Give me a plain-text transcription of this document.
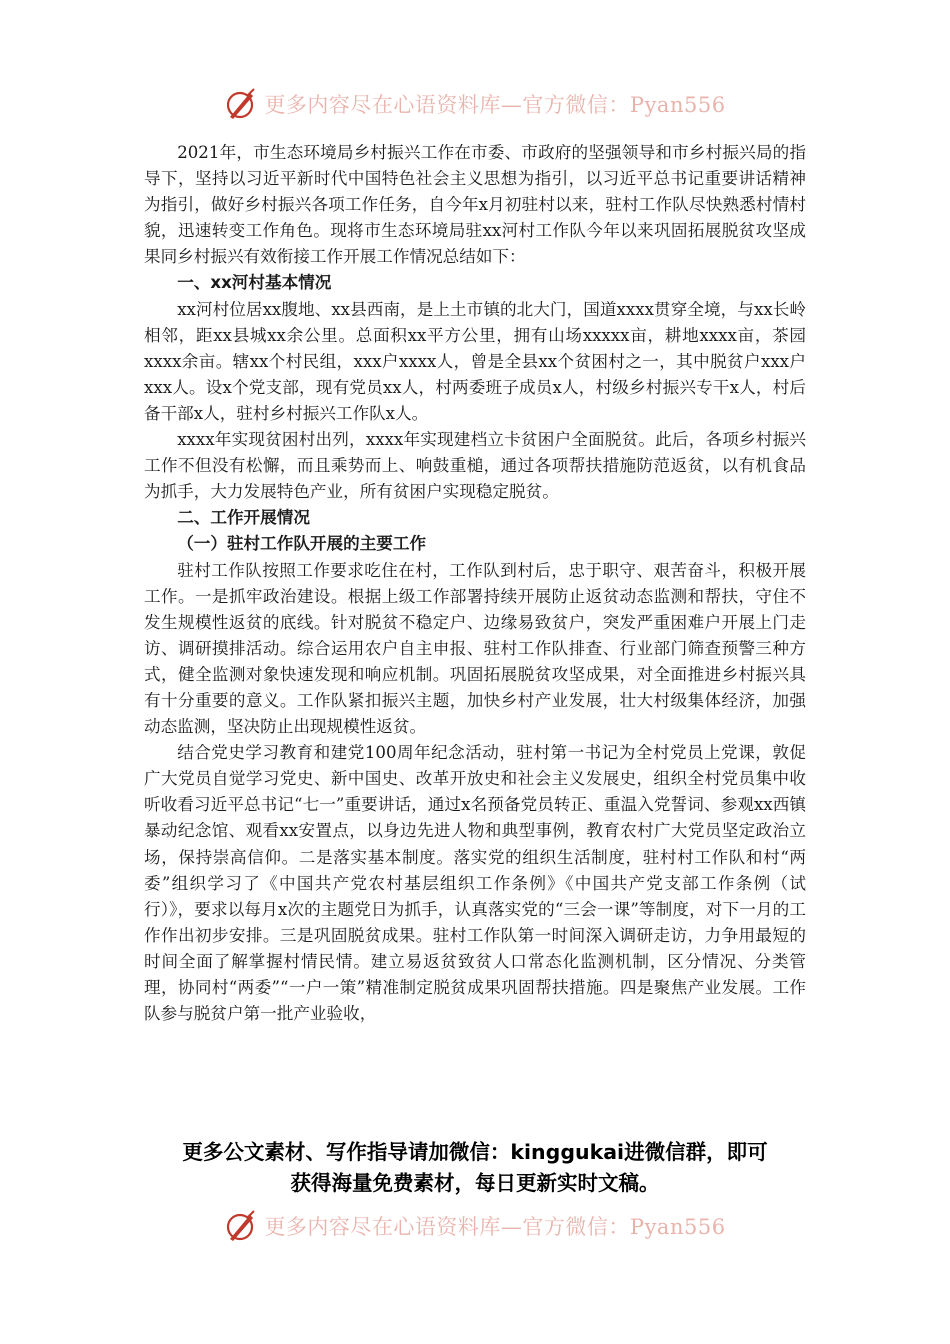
更多内容尽在心语资料库—官方微信：Pyan556

2021年，市生态环境局乡村振兴工作在市委、市政府的坚强领导和市乡村振兴局的指导下，坚持以习近平新时代中国特色社会主义思想为指引，以习近平总书记重要讲话精神为指引，做好乡村振兴各项工作任务，自今年x月初驻村以来，驻村工作队尽快熟悉村情村貌，迅速转变工作角色。现将市生态环境局驻xx河村工作队今年以来巩固拓展脱贫攻坚成果同乡村振兴有效衔接工作开展工作情况总结如下：

一、xx河村基本情况

xx河村位居xx腹地、xx县西南，是上土市镇的北大门，国道xxxx贯穿全境，与xx长岭相邻，距xx县城xx余公里。总面积xx平方公里，拥有山场xxxxx亩，耕地xxxx亩，茶园xxxx余亩。辖xx个村民组，xxx户xxxx人，曾是全县xx个贫困村之一，其中脱贫户xxx户xxx人。设x个党支部，现有党员xx人，村两委班子成员x人，村级乡村振兴专干x人，村后备干部x人，驻村乡村振兴工作队x人。

xxxx年实现贫困村出列，xxxx年实现建档立卡贫困户全面脱贫。此后，各项乡村振兴工作不但没有松懈，而且乘势而上、响鼓重槌，通过各项帮扶措施防范返贫，以有机食品为抓手，大力发展特色产业，所有贫困户实现稳定脱贫。

二、工作开展情况

（一）驻村工作队开展的主要工作

驻村工作队按照工作要求吃住在村，工作队到村后，忠于职守、艰苦奋斗，积极开展工作。一是抓牢政治建设。根据上级工作部署持续开展防止返贫动态监测和帮扶，守住不发生规模性返贫的底线。针对脱贫不稳定户、边缘易致贫户，突发严重困难户开展上门走访、调研摸排活动。综合运用农户自主申报、驻村工作队排查、行业部门筛查预警三种方式，健全监测对象快速发现和响应机制。巩固拓展脱贫攻坚成果，对全面推进乡村振兴具有十分重要的意义。工作队紧扣振兴主题，加快乡村产业发展，壮大村级集体经济，加强动态监测，坚决防止出现规模性返贫。

结合党史学习教育和建党100周年纪念活动，驻村第一书记为全村党员上党课，敦促广大党员自觉学习党史、新中国史、改革开放史和社会主义发展史，组织全村党员集中收听收看习近平总书记“七一”重要讲话，通过x名预备党员转正、重温入党誓词、参观xx西镇暴动纪念馆、观看xx安置点，以身边先进人物和典型事例，教育农村广大党员坚定政治立场，保持崇高信仰。二是落实基本制度。落实党的组织生活制度，驻村村工作队和村“两委”组织学习了《中国共产党农村基层组织工作条例》《中国共产党支部工作条例（试行）》，要求以每月x次的主题党日为抓手，认真落实党的“三会一课”等制度，对下一月的工作作出初步安排。三是巩固脱贫成果。驻村工作队第一时间深入调研走访，力争用最短的时间全面了解掌握村情民情。建立易返贫致贫人口常态化监测机制，区分情况、分类管理，协同村“两委”“一户一策”精准制定脱贫成果巩固帮扶措施。四是聚焦产业发展。工作队参与脱贫户第一批产业验收，

更多公文素材、写作指导请加微信：kinggukai进微信群，即可
获得海量免费素材，每日更新实时文稿。
更多内容尽在心语资料库—官方微信：Pyan556
